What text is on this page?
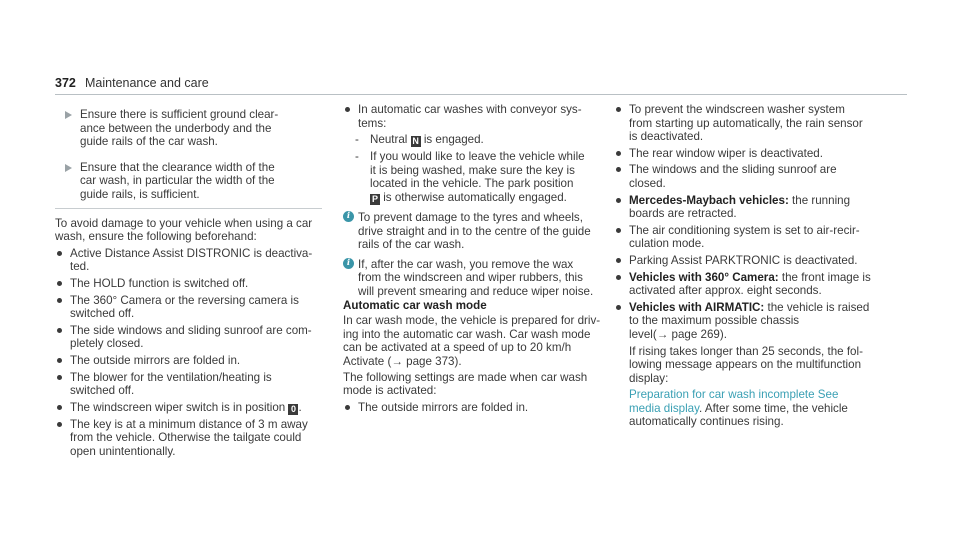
372 Maintenance and care
Ensure there is sufficient ground clear-
ance between the underbody and the
guide rails of the car wash.
Ensure that the clearance width of the
car wash, in particular the width of the
guide rails, is sufficient.

To avoid damage to your vehicle when using a car
wash, ensure the following beforehand:

Active Distance Assist DISTRONIC is deactiva-
ted.
The HOLD function is switched off.
The 360° Camera or the reversing camera is
switched off.
The side windows and sliding sunroof are com-
pletely closed.
The outside mirrors are folded in.
The blower for the ventilation/heating is
switched off.
The windscreen wiper switch is in position 0 .
The key is at a minimum distance of 3 m away
from the vehicle. Otherwise the tailgate could
open unintentionally.
In automatic car washes with conveyor sys-
tems:
- Neutral N is engaged.
- If you would like to leave the vehicle while
it is being washed, make sure the key is
located in the vehicle. The park position
P is otherwise automatically engaged.
i To prevent damage to the tyres and wheels,
drive straight and in to the centre of the guide
rails of the car wash.
i If, after the car wash, you remove the wax
from the windscreen and wiper rubbers, this
will prevent smearing and reduce wiper noise.

Automatic car wash mode

In car wash mode, the vehicle is prepared for driv-
ing into the automatic car wash. Car wash mode
can be activated at a speed of up to 20 km/h
Activate (→ page 373).

The following settings are made when car wash
mode is activated:

The outside mirrors are folded in.
To prevent the windscreen washer system
from starting up automatically, the rain sensor
is deactivated.
The rear window wiper is deactivated.
The windows and the sliding sunroof are
closed.
Mercedes-Maybach vehicles: the running
boards are retracted.
The air conditioning system is set to air-recir-
culation mode.
Parking Assist PARKTRONIC is deactivated.
Vehicles with 360° Camera: the front image is
activated after approx. eight seconds.
Vehicles with AIRMATIC: the vehicle is raised
to the maximum possible chassis
level(→ page 269).
If rising takes longer than 25 seconds, the fol-
lowing message appears on the multifunction
display:
Preparation for car wash incomplete See
media display. After some time, the vehicle
automatically continues rising.
